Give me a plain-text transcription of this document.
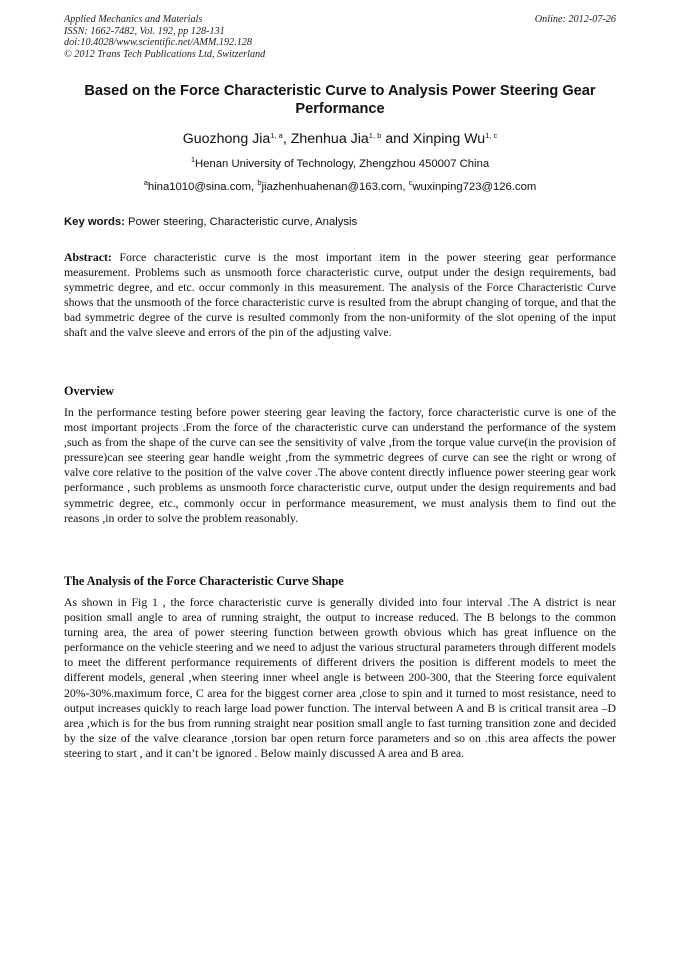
Applied Mechanics and Materials
ISSN: 1662-7482, Vol. 192, pp 128-131
doi:10.4028/www.scientific.net/AMM.192.128
© 2012 Trans Tech Publications Ltd, Switzerland
Online: 2012-07-26
Based on the Force Characteristic Curve to Analysis Power Steering Gear Performance
Guozhong Jia$^{1, a}$, Zhenhua Jia$^{1, b}$ and Xinping Wu$^{1, c}$
$^1$Henan University of Technology, Zhengzhou 450007 China
$^a$hina1010@sina.com, $^b$jiazhenhuahenan@163.com, $^c$wuxinping723@126.com
Key words: Power steering, Characteristic curve, Analysis
Abstract: Force characteristic curve is the most important item in the power steering gear performance measurement. Problems such as unsmooth force characteristic curve, output under the design requirements, bad symmetric degree, and etc. occur commonly in this measurement. The analysis of the Force Characteristic Curve shows that the unsmooth of the force characteristic curve is resulted from the abrupt changing of torque, and that the bad symmetric degree of the curve is resulted commonly from the non-uniformity of the slot opening of the input shaft and the valve sleeve and errors of the pin of the adjusting valve.
Overview
In the performance testing before power steering gear leaving the factory, force characteristic curve is one of the most important projects .From the force of the characteristic curve can understand the performance of the system ,such as from the shape of the curve can see the sensitivity of valve ,from the torque value curve(in the provision of pressure)can see steering gear handle weight ,from the symmetric degrees of curve can see the right or wrong of valve core relative to the position of the valve cover .The above content directly influence power steering gear work performance , such problems as unsmooth force characteristic curve, output under the design requirements and bad symmetric degree, etc., commonly occur in performance measurement, we must analysis them to find out the reasons ,in order to solve the problem reasonably.
The Analysis of the Force Characteristic Curve Shape
As shown in Fig 1 , the force characteristic curve is generally divided into four interval .The A district is near position small angle to area of running straight, the output to increase reduced. The B belongs to the common turning area, the area of power steering function between growth obvious which has great influence on the performance on the vehicle steering and we need to adjust the various structural parameters through different models to meet the different performance requirements of different drivers the position is different models to meet the different models, general ,when steering inner wheel angle is between 200-300, that the Steering force equivalent 20%-30%.maximum force, C area for the biggest corner area ,close to spin and it turned to most resistance, need to output increases quickly to reach large load power function. The interval between A and B is critical transit area –D area ,which is for the bus from running straight near position small angle to fast turning transition zone and decided by the size of the valve clearance ,torsion bar open return force parameters and so on .this area affects the power steering to start , and it can’t be ignored . Below mainly discussed A area and B area.
